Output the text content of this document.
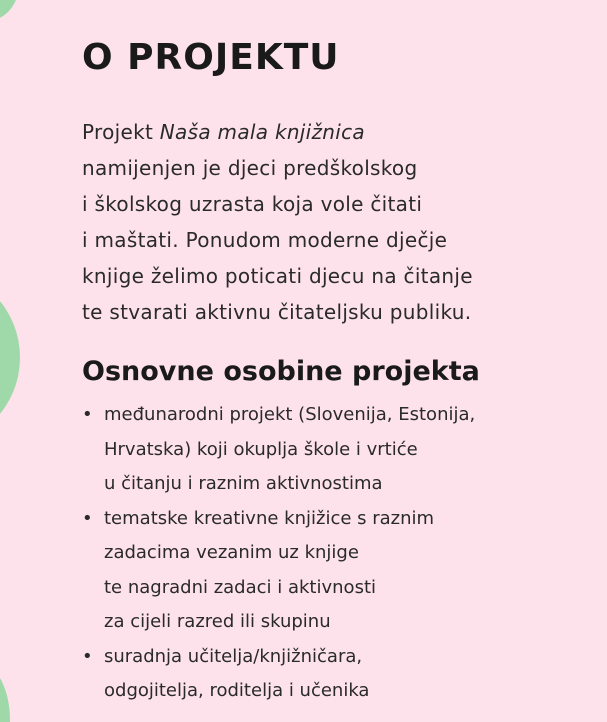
O PROJEKTU

Projekt Naša mala knjižnica
namijenjen je djeci predškolskog
i školskog uzrasta koja vole čitati
i maštati. Ponudom moderne dječje
knjige želimo poticati djecu na čitanje
te stvarati aktivnu čitateljsku publiku.

Osnovne osobine projekta
• međunarodni projekt (Slovenija, Estonija,
Hrvatska) koji okuplja škole i vrtiće
u čitanju i raznim aktivnostima
• tematske kreativne knjižice s raznim
zadacima vezanim uz knjige
te nagradni zadaci i aktivnosti
za cijeli razred ili skupinu
• suradnja učitelja/knjižničara,
odgojitelja, roditelja i učenika
